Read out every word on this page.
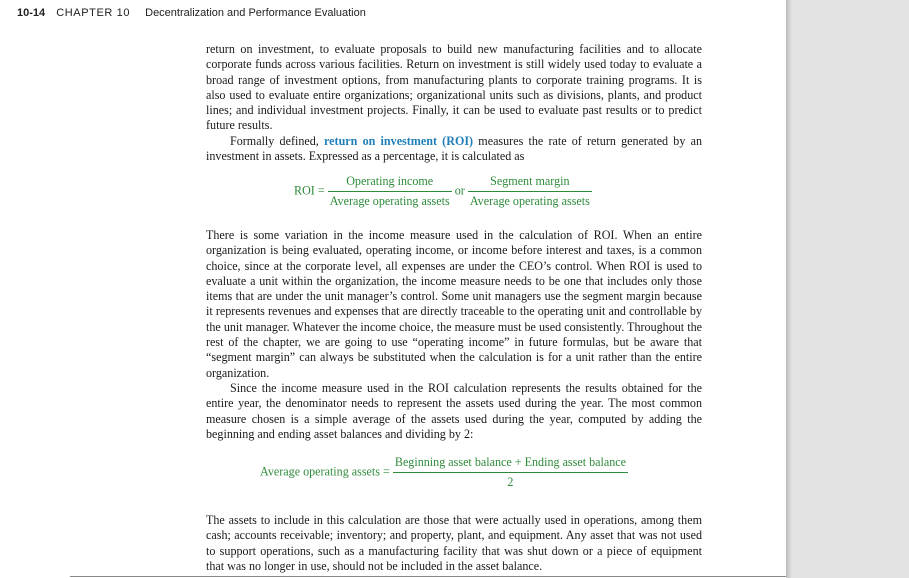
10-14 CHAPTER 10 Decentralization and Performance Evaluation

return on investment, to evaluate proposals to build new manufacturing facilities and to allocate corporate funds across various facilities. Return on investment is still widely used today to evaluate a broad range of investment options, from manufacturing plants to corporate training programs. It is also used to evaluate entire organizations; organizational units such as divisions, plants, and product lines; and individual investment projects. Finally, it can be used to evaluate past results or to predict future results.

Formally defined, return on investment (ROI) measures the rate of return generated by an investment in assets. Expressed as a percentage, it is calculated as

ROI = $\frac{\text{Operating income}}{\text{Average operating assets}}$ or $\frac{\text{Segment margin}}{\text{Average operating assets}}$

There is some variation in the income measure used in the calculation of ROI. When an entire organization is being evaluated, operating income, or income before interest and taxes, is a common choice, since at the corporate level, all expenses are under the CEO’s control. When ROI is used to evaluate a unit within the organization, the income measure needs to be one that includes only those items that are under the unit manager’s control. Some unit managers use the segment margin because it represents revenues and expenses that are directly traceable to the operating unit and controllable by the unit manager. Whatever the income choice, the measure must be used consistently. Throughout the rest of the chapter, we are going to use “operating income” in future formulas, but be aware that “segment margin” can always be substituted when the calculation is for a unit rather than the entire organization.

Since the income measure used in the ROI calculation represents the results obtained for the entire year, the denominator needs to represent the assets used during the year. The most common measure chosen is a simple average of the assets used during the year, computed by adding the beginning and ending asset balances and dividing by 2:

Average operating assets = $\frac{\text{Beginning asset balance + Ending asset balance}}{2}$

The assets to include in this calculation are those that were actually used in operations, among them cash; accounts receivable; inventory; and property, plant, and equipment. Any asset that was not used to support operations, such as a manufacturing facility that was shut down or a piece of equipment that was no longer in use, should not be included in the asset balance.
